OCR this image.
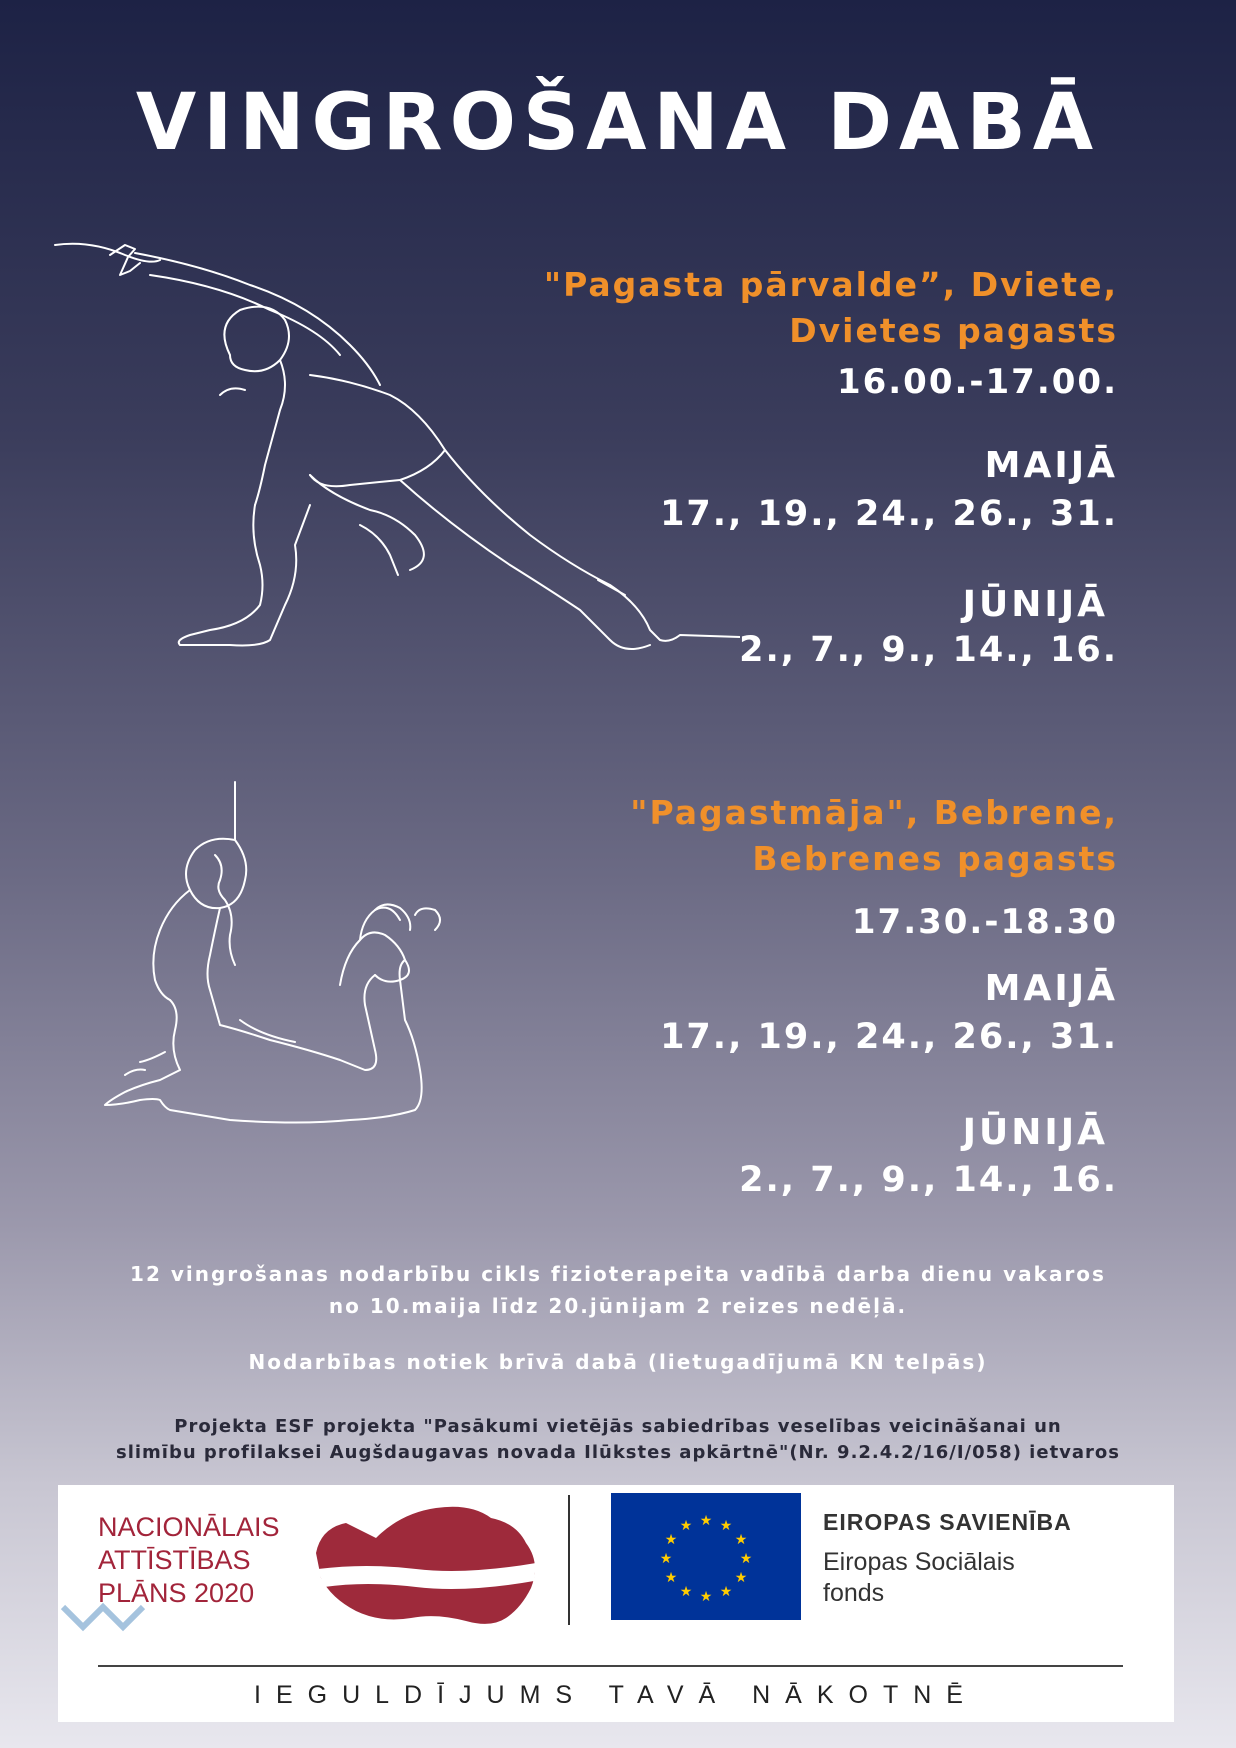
VINGROŠANA DABĀ
"Pagasta pārvalde”, Dviete,
Dvietes pagasts
16.00.-17.00.
MAIJĀ
17., 19., 24., 26., 31.
JŪNIJĀ
2., 7., 9., 14., 16.
"Pagastmāja", Bebrene,
Bebrenes pagasts
17.30.-18.30
MAIJĀ
17., 19., 24., 26., 31.
JŪNIJĀ
2., 7., 9., 14., 16.
12 vingrošanas nodarbību cikls fizioterapeita vadībā darba dienu vakaros
no 10.maija līdz 20.jūnijam 2 reizes nedēļā.
Nodarbības notiek brīvā dabā (lietugadījumā KN telpās)
Projekta ESF projekta "Pasākumi vietējās sabiedrības veselības veicināšanai un
slimību profilaksei Augšdaugavas novada Ilūkstes apkārtnē"(Nr. 9.2.4.2/16/I/058) ietvaros
NACIONĀLAIS
ATTĪSTĪBAS
PLĀNS 2020
★ ★
★
★
★
★
★
★
★
★
★
★	EIROPAS SAVIENĪBA
Eiropas Sociālais
fonds
IEGULDĪJUMS TAVĀ NĀKOTNĒ
Augšdau
